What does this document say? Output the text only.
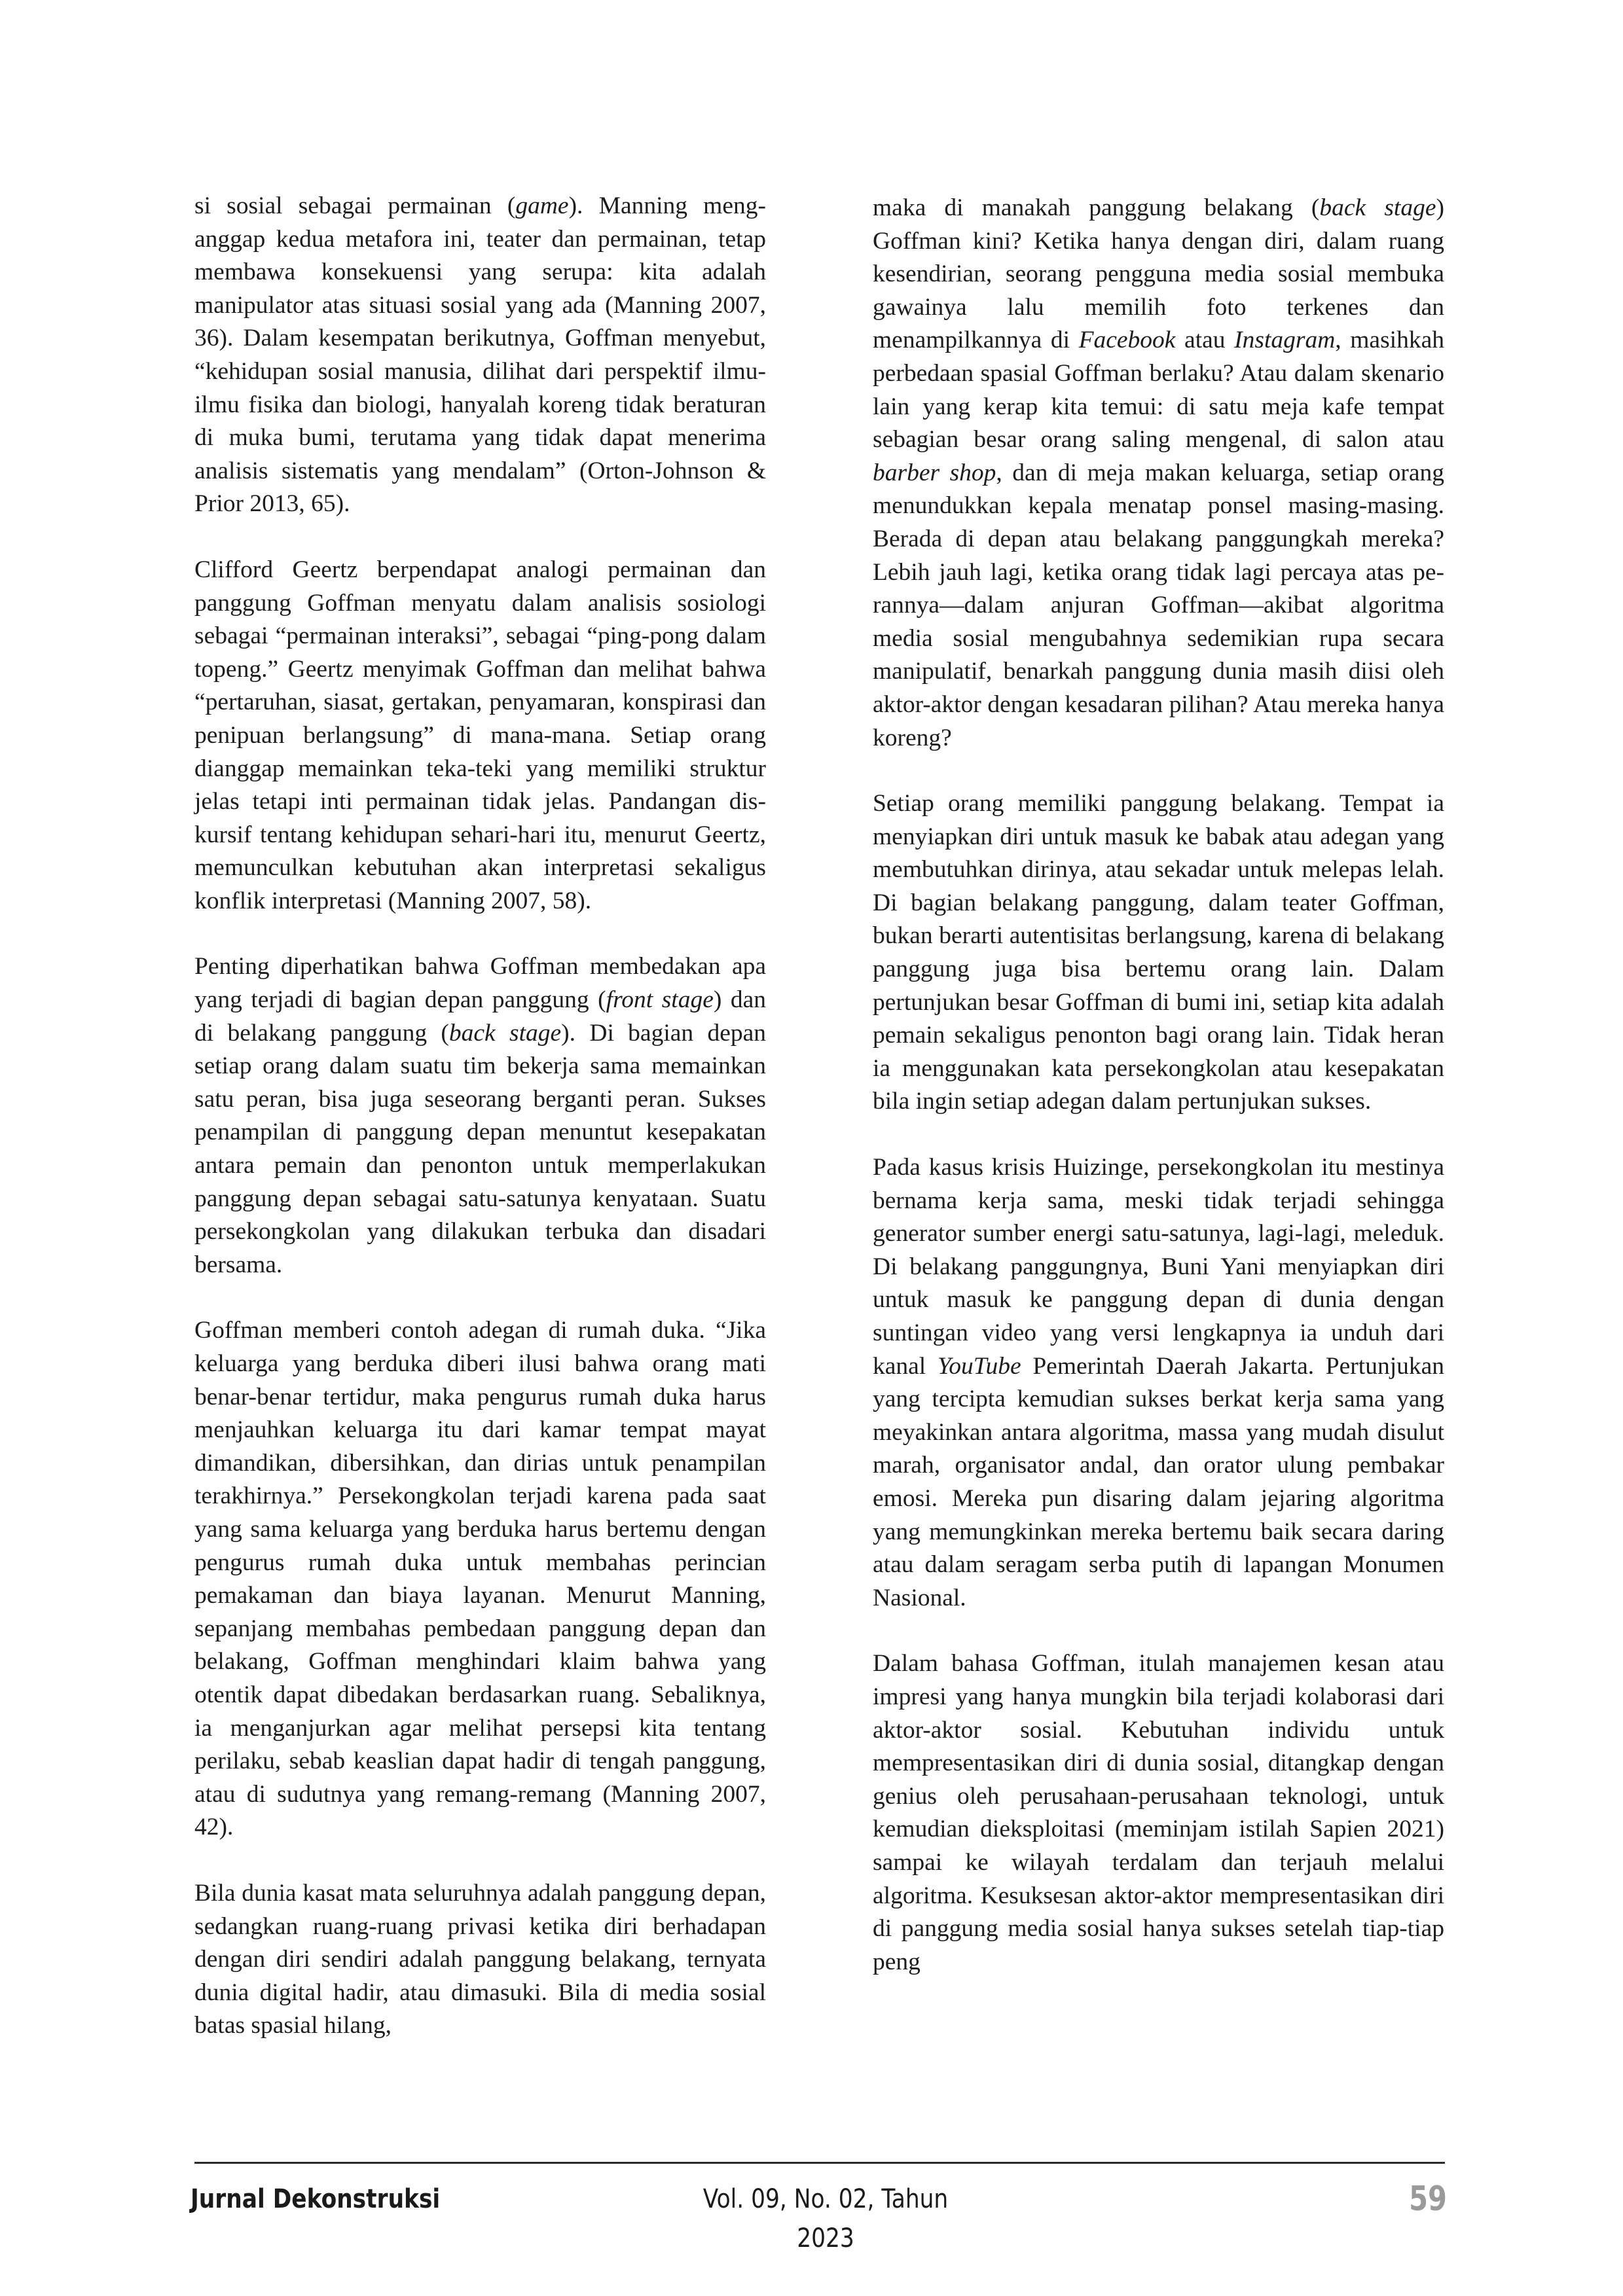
si sosial sebagai permainan (game). Manning menganggap kedua metafora ini, teater dan permainan, tetap membawa konsekuensi yang serupa: kita adalah manipulator atas situasi sosial yang ada (Manning 2007, 36). Dalam kesempatan berikutnya, Goffman menyebut, “kehidupan sosial manusia, dilihat dari perspektif ilmu-ilmu fisika dan biologi, hanyalah koreng tidak beraturan di muka bumi, terutama yang tidak dapat menerima analisis sistematis yang mendalam” (Orton-Johnson & Prior 2013, 65).

Clifford Geertz berpendapat analogi permainan dan panggung Goffman menyatu dalam analisis sosiologi sebagai “permainan interaksi”, sebagai “ping-pong dalam topeng.” Geertz menyimak Goffman dan melihat bahwa “pertaruhan, siasat, gertakan, penyamaran, konspirasi dan penipuan berlangsung” di mana-mana. Setiap orang dianggap memainkan teka-teki yang memiliki struktur jelas tetapi inti permainan tidak jelas. Pandangan diskursif tentang kehidupan sehari-hari itu, menurut Geertz, memunculkan kebutuhan akan interpretasi sekaligus konflik interpretasi (Manning 2007, 58).

Penting diperhatikan bahwa Goffman membedakan apa yang terjadi di bagian depan panggung (front stage) dan di belakang panggung (back stage). Di bagian depan setiap orang dalam suatu tim bekerja sama memainkan satu peran, bisa juga seseorang berganti peran. Sukses penampilan di panggung depan menuntut kesepakatan antara pemain dan penonton untuk memperlakukan panggung depan sebagai satu-satunya kenyataan. Suatu persekongkolan yang dilakukan terbuka dan disadari bersama.

Goffman memberi contoh adegan di rumah duka. “Jika keluarga yang berduka diberi ilusi bahwa orang mati benar-benar tertidur, maka pengurus rumah duka harus menjauhkan keluarga itu dari kamar tempat mayat dimandikan, dibersihkan, dan dirias untuk penampilan terakhirnya.” Persekongkolan terjadi karena pada saat yang sama keluarga yang berduka harus bertemu dengan pengurus rumah duka untuk membahas perincian pemakaman dan biaya layanan. Menurut Manning, sepanjang membahas pembedaan panggung depan dan belakang, Goffman menghindari klaim bahwa yang otentik dapat dibedakan berdasarkan ruang. Sebaliknya, ia menganjurkan agar melihat persepsi kita tentang perilaku, sebab keaslian dapat hadir di tengah panggung, atau di sudutnya yang remang-remang (Manning 2007, 42).

Bila dunia kasat mata seluruhnya adalah panggung depan, sedangkan ruang-ruang privasi ketika diri berhadapan dengan diri sendiri adalah panggung belakang, ternyata dunia digital hadir, atau dimasuki. Bila di media sosial batas spasial hilang,

maka di manakah panggung belakang (back stage) Goffman kini? Ketika hanya dengan diri, dalam ruang kesendirian, seorang pengguna media sosial membuka gawainya lalu memilih foto terkenes dan menampilkannya di Facebook atau Instagram, masihkah perbedaan spasial Goffman berlaku? Atau dalam skenario lain yang kerap kita temui: di satu meja kafe tempat sebagian besar orang saling mengenal, di salon atau barber shop, dan di meja makan keluarga, setiap orang menundukkan kepala menatap ponsel masing-masing. Berada di depan atau belakang panggungkah mereka? Lebih jauh lagi, ketika orang tidak lagi percaya atas perannya—dalam anjuran Goffman—akibat algoritma media sosial mengubahnya sedemikian rupa secara manipulatif, benarkah panggung dunia masih diisi oleh aktor-aktor dengan kesadaran pilihan? Atau mereka hanya koreng?

Setiap orang memiliki panggung belakang. Tempat ia menyiapkan diri untuk masuk ke babak atau adegan yang membutuhkan dirinya, atau sekadar untuk melepas lelah. Di bagian belakang panggung, dalam teater Goffman, bukan berarti autentisitas berlangsung, karena di belakang panggung juga bisa bertemu orang lain. Dalam pertunjukan besar Goffman di bumi ini, setiap kita adalah pemain sekaligus penonton bagi orang lain. Tidak heran ia menggunakan kata persekongkolan atau kesepakatan bila ingin setiap adegan dalam pertunjukan sukses.

Pada kasus krisis Huizinge, persekongkolan itu mestinya bernama kerja sama, meski tidak terjadi sehingga generator sumber energi satu-satunya, lagi-lagi, meleduk. Di belakang panggungnya, Buni Yani menyiapkan diri untuk masuk ke panggung depan di dunia dengan suntingan video yang versi lengkapnya ia unduh dari kanal YouTube Pemerintah Daerah Jakarta. Pertunjukan yang tercipta kemudian sukses berkat kerja sama yang meyakinkan antara algoritma, massa yang mudah disulut marah, organisator andal, dan orator ulung pembakar emosi. Mereka pun disaring dalam jejaring algoritma yang memungkinkan mereka bertemu baik secara daring atau dalam seragam serba putih di lapangan Monumen Nasional.

Dalam bahasa Goffman, itulah manajemen kesan atau impresi yang hanya mungkin bila terjadi kolaborasi dari aktor-aktor sosial. Kebutuhan individu untuk mempresentasikan diri di dunia sosial, ditangkap dengan genius oleh perusahaan-perusahaan teknologi, untuk kemudian dieksploitasi (meminjam istilah Sapien 2021) sampai ke wilayah terdalam dan terjauh melalui algoritma. Kesuksesan aktor-aktor mempresentasikan diri di panggung media sosial hanya sukses setelah tiap-tiap peng

Jurnal Dekonstruksi	Vol. 09, No. 02, Tahun 2023
59
